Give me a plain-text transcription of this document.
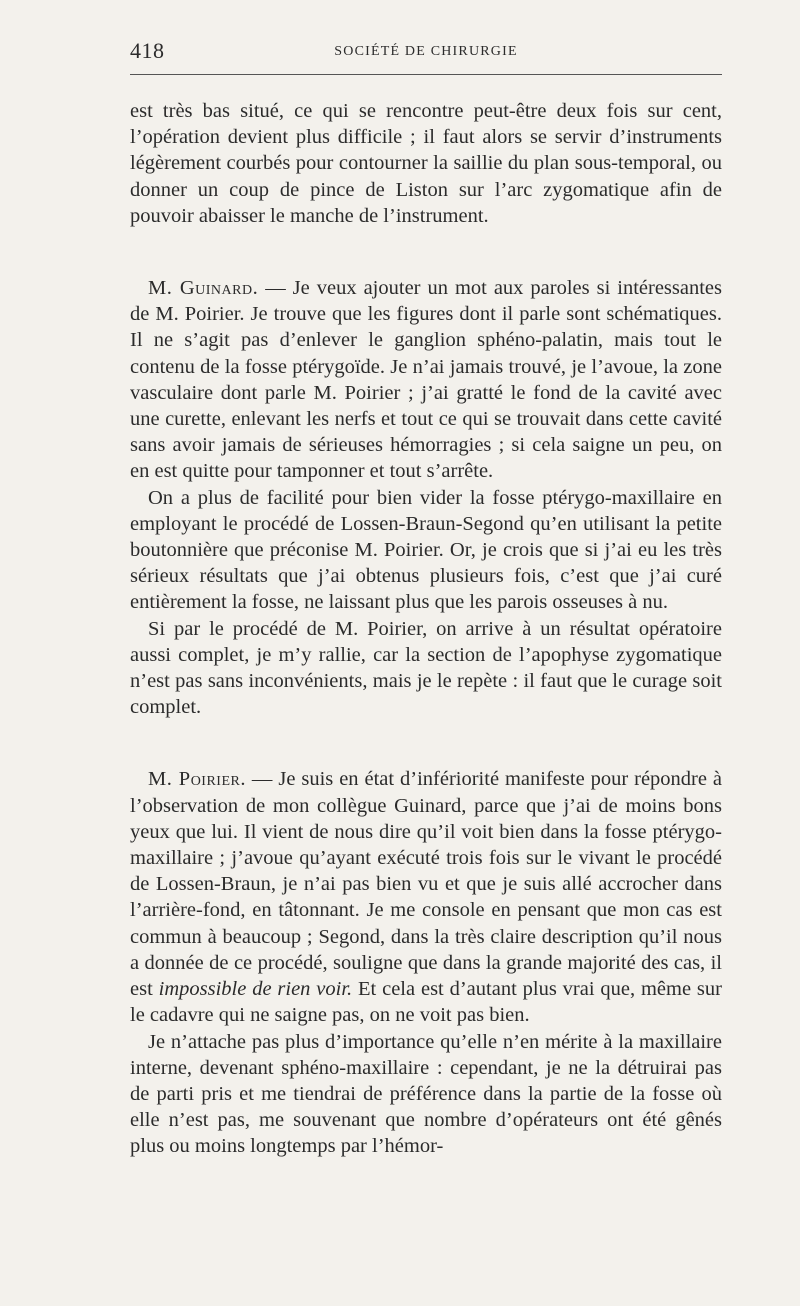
418	SOCIÉTÉ DE CHIRURGIE

est très bas situé, ce qui se rencontre peut-être deux fois sur cent, l’opération devient plus difficile ; il faut alors se servir d’instruments légèrement courbés pour contourner la saillie du plan sous-temporal, ou donner un coup de pince de Liston sur l’arc zygomatique afin de pouvoir abaisser le manche de l’instrument.

M. Guinard. — Je veux ajouter un mot aux paroles si intéressantes de M. Poirier. Je trouve que les figures dont il parle sont schématiques. Il ne s’agit pas d’enlever le ganglion sphéno-palatin, mais tout le contenu de la fosse ptérygoïde. Je n’ai jamais trouvé, je l’avoue, la zone vasculaire dont parle M. Poirier ; j’ai gratté le fond de la cavité avec une curette, enlevant les nerfs et tout ce qui se trouvait dans cette cavité sans avoir jamais de sérieuses hémorragies ; si cela saigne un peu, on en est quitte pour tamponner et tout s’arrête.

On a plus de facilité pour bien vider la fosse ptérygo-maxillaire en employant le procédé de Lossen-Braun-Segond qu’en utilisant la petite boutonnière que préconise M. Poirier. Or, je crois que si j’ai eu les très sérieux résultats que j’ai obtenus plusieurs fois, c’est que j’ai curé entièrement la fosse, ne laissant plus que les parois osseuses à nu.

Si par le procédé de M. Poirier, on arrive à un résultat opératoire aussi complet, je m’y rallie, car la section de l’apophyse zygomatique n’est pas sans inconvénients, mais je le repète : il faut que le curage soit complet.

M. Poirier. — Je suis en état d’infériorité manifeste pour répondre à l’observation de mon collègue Guinard, parce que j’ai de moins bons yeux que lui. Il vient de nous dire qu’il voit bien dans la fosse ptérygo-maxillaire ; j’avoue qu’ayant exécuté trois fois sur le vivant le procédé de Lossen-Braun, je n’ai pas bien vu et que je suis allé accrocher dans l’arrière-fond, en tâtonnant. Je me console en pensant que mon cas est commun à beaucoup ; Segond, dans la très claire description qu’il nous a donnée de ce procédé, souligne que dans la grande majorité des cas, il est impossible de rien voir. Et cela est d’autant plus vrai que, même sur le cadavre qui ne saigne pas, on ne voit pas bien.

Je n’attache pas plus d’importance qu’elle n’en mérite à la maxillaire interne, devenant sphéno-maxillaire : cependant, je ne la détruirai pas de parti pris et me tiendrai de préférence dans la partie de la fosse où elle n’est pas, me souvenant que nombre d’opérateurs ont été gênés plus ou moins longtemps par l’hémor-
